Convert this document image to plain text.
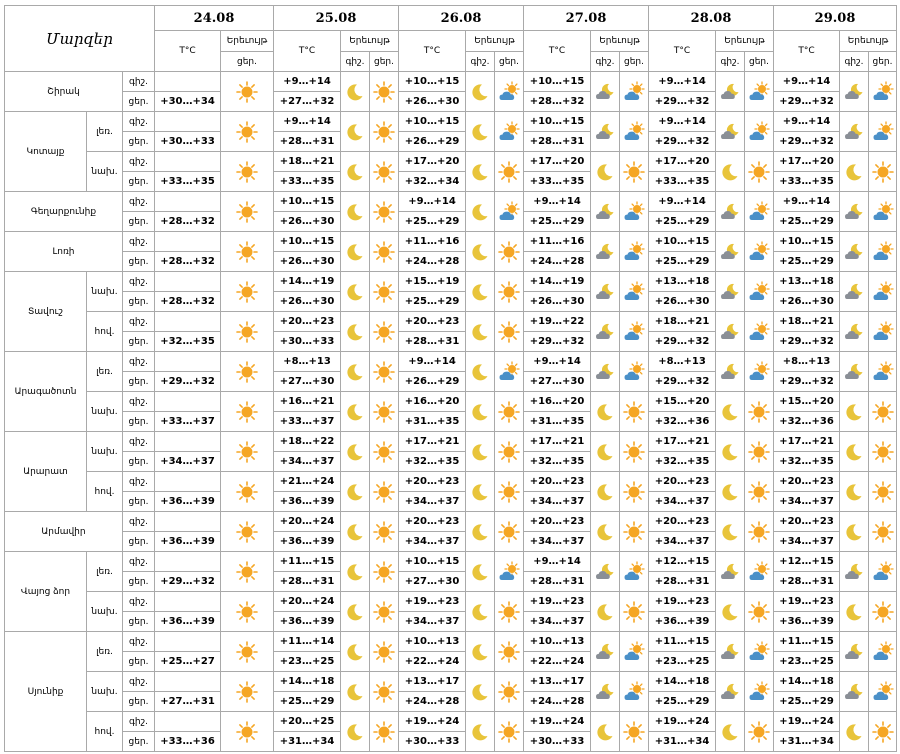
Մարզեր			24.08		25.08			26.08			27.08			28.08			29.08		
			T°C	Երեւույթ	T°C	Երեւույթ		T°C	Երեւույթ		T°C	Երեւույթ		T°C	Երեւույթ		T°C	Երեւույթ	
				ցեր.		գիշ.	ցեր.		գիշ.	ցեր.		գիշ.	ցեր.		գիշ.	ցեր.		գիշ.	ցեր.
Շիրակ		գիշ.			+9…+14			+10…+15			+10…+15			+9…+14			+9…+14	

		ցեր.	+30…+34		+27…+32			+26…+30			+28…+32			+29…+32			+29…+32		
Կոտայք	լեռ.	գիշ.			+9…+14			+10…+15			+10…+15			+9…+14			+9…+14	

		ցեր.	+30…+33		+28…+31			+26…+29			+28…+31			+29…+32			+29…+32		
	նախ.	գիշ.			+18…+21			+17…+20			+17…+20			+17…+20			+17…+20	

		ցեր.	+33…+35		+33…+35			+32…+34			+33…+35			+33…+35			+33…+35		
Գեղարքունիք		գիշ.			+10…+15			+9…+14			+9…+14			+9…+14			+9…+14	

		ցեր.	+28…+32		+26…+30			+25…+29			+25…+29			+25…+29			+25…+29		
Լոռի		գիշ.			+10…+15			+11…+16			+11…+16			+10…+15			+10…+15	

		ցեր.	+28…+32		+26…+30			+24…+28			+24…+28			+25…+29			+25…+29		
Տավուշ	նախ.	գիշ.			+14…+19			+15…+19			+14…+19			+13…+18			+13…+18	

		ցեր.	+28…+32		+26…+30			+25…+29			+26…+30			+26…+30			+26…+30		
	հով.	գիշ.			+20…+23			+20…+23			+19…+22			+18…+21			+18…+21	

		ցեր.	+32…+35		+30…+33			+28…+31			+29…+32			+29…+32			+29…+32		
Արագածոտն	լեռ.	գիշ.			+8…+13			+9…+14			+9…+14			+8…+13			+8…+13	

		ցեր.	+29…+32		+27…+30			+26…+29			+27…+30			+29…+32			+29…+32		
	նախ.	գիշ.			+16…+21			+16…+20			+16…+20			+15…+20			+15…+20	

		ցեր.	+33…+37		+33…+37			+31…+35			+31…+35			+32…+36			+32…+36		
Արարատ	նախ.	գիշ.			+18…+22			+17…+21			+17…+21			+17…+21			+17…+21	

		ցեր.	+34…+37		+34…+37			+32…+35			+32…+35			+32…+35			+32…+35		
	հով.	գիշ.			+21…+24			+20…+23			+20…+23			+20…+23			+20…+23	

		ցեր.	+36…+39		+36…+39			+34…+37			+34…+37			+34…+37			+34…+37		
Արմավիր		գիշ.			+20…+24			+20…+23			+20…+23			+20…+23			+20…+23	

		ցեր.	+36…+39		+36…+39			+34…+37			+34…+37			+34…+37			+34…+37		
Վայոց ձոր	լեռ.	գիշ.			+11…+15			+10…+15			+9…+14			+12…+15			+12…+15	

		ցեր.	+29…+32		+28…+31			+27…+30			+28…+31			+28…+31			+28…+31		
	նախ.	գիշ.			+20…+24			+19…+23			+19…+23			+19…+23			+19…+23	

		ցեր.	+36…+39		+36…+39			+34…+37			+34…+37			+36…+39			+36…+39		
Սյունիք	լեռ.	գիշ.			+11…+14			+10…+13			+10…+13			+11…+15			+11…+15	

		ցեր.	+25…+27		+23…+25			+22…+24			+22…+24			+23…+25			+23…+25		
	նախ.	գիշ.			+14…+18			+13…+17			+13…+17			+14…+18			+14…+18	

		ցեր.	+27…+31		+25…+29			+24…+28			+24…+28			+25…+29			+25…+29		
	հով.	գիշ.			+20…+25			+19…+24			+19…+24			+19…+24			+19…+24	

		ցեր.	+33…+36		+31…+34			+30…+33			+30…+33			+31…+34			+31…+34		
